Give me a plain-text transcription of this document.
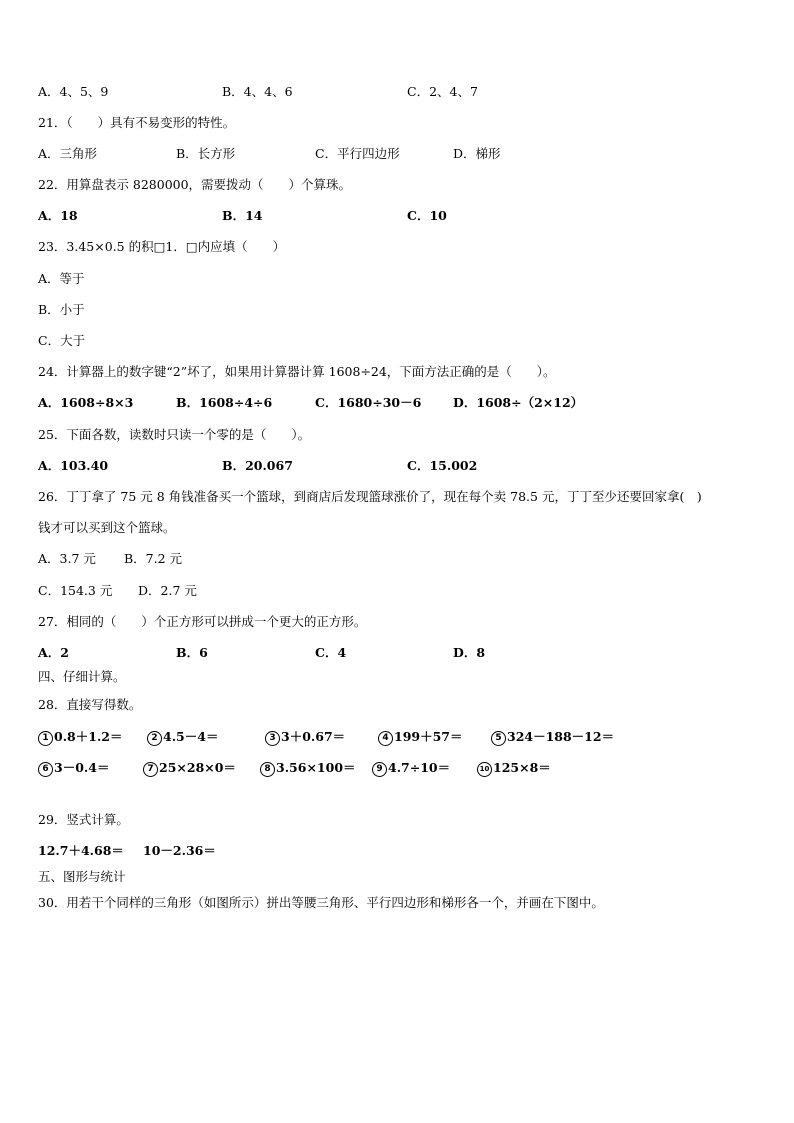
A．4、5、9	B．4、4、6	C．2、4、7
21．（　　）具有不易变形的特性。
A．三角形	B．长方形	C．平行四边形	D．梯形
22．用算盘表示 8280000，需要拨动（　　）个算珠。
A．18	B．14	C．10
23．3.45×0.5 的积□1．□内应填（　　）
A．等于
B．小于
C．大于
24．计算器上的数字键“2”坏了，如果用计算器计算 1608÷24，下面方法正确的是（　　）。
A．1608÷8×3	B．1608÷4÷6	C．1680÷30－6	D．1608÷（2×12）
25．下面各数，读数时只读一个零的是（　　）。
A．103.40	B．20.067	C．15.002
26．丁丁拿了 75 元 8 角钱准备买一个篮球，到商店后发现篮球涨价了，现在每个卖 78.5 元，丁丁至少还要回家拿(　)
钱才可以买到这个篮球。
A．3.7 元 B．7.2 元
C．154.3 元 D．2.7 元
27．相同的（　　）个正方形可以拼成一个更大的正方形。
A．2	B．6	C．4	D．8
四、仔细计算。
28．直接写得数。
1 0.8＋1.2＝	2 4.5－4＝	3 3＋0.67＝	4 199＋57＝	5 324－188－12＝
6 3－0.4＝	7 25×28×0＝	8 3.56×100＝	9 4.7÷10＝	10 125×8＝
29．竖式计算。
12.7＋4.68＝ 10－2.36＝
五、图形与统计
30．用若干个同样的三角形（如图所示）拼出等腰三角形、平行四边形和梯形各一个，并画在下图中。
